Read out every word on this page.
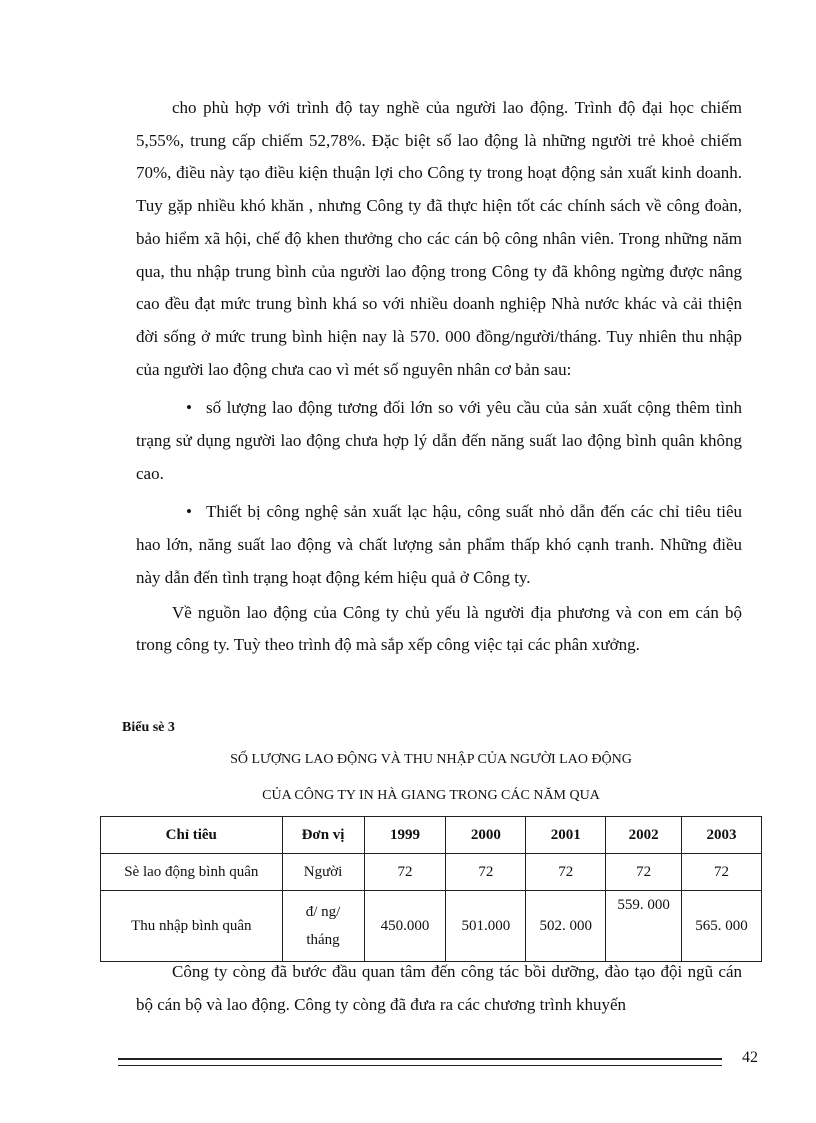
cho phù hợp với trình độ tay nghề của người lao động. Trình độ đại học chiếm 5,55%, trung cấp chiếm 52,78%. Đặc biệt số lao động là những người trẻ khoẻ chiếm 70%, điều này tạo điều kiện thuận lợi cho Công ty trong hoạt động sản xuất kinh doanh. Tuy gặp nhiều khó khăn , nhưng Công ty đã thực hiện tốt các chính sách về công đoàn, bảo hiểm xã hội, chế độ khen thưởng cho các cán bộ công nhân viên. Trong những năm qua, thu nhập trung bình của người lao động trong Công ty đã không ngừng được nâng cao đều đạt mức trung bình khá so với nhiều doanh nghiệp Nhà nước khác và cải thiện đời sống ở mức trung bình hiện nay là 570. 000 đồng/người/tháng. Tuy nhiên thu nhập của người lao động chưa cao vì mét số nguyên nhân cơ bản sau:

• số lượng lao động tương đối lớn so với yêu cầu của sản xuất cộng thêm tình trạng sử dụng người lao động chưa hợp lý dẫn đến năng suất lao động bình quân không cao.

• Thiết bị công nghệ sản xuất lạc hậu, công suất nhỏ dẫn đến các chỉ tiêu tiêu hao lớn, năng suất lao động và chất lượng sản phẩm thấp khó cạnh tranh. Những điều này dẫn đến tình trạng hoạt động kém hiệu quả ở Công ty.

Về nguồn lao động của Công ty chủ yếu là người địa phương và con em cán bộ trong công ty. Tuỳ theo trình độ mà sắp xếp công việc tại các phân xưởng.

Biểu sè 3
SỐ LƯỢNG LAO ĐỘNG VÀ THU NHẬP CỦA NGƯỜI LAO ĐỘNG
CỦA CÔNG TY IN HÀ GIANG TRONG CÁC NĂM QUA
Chỉ tiêu	Đơn vị	1999	2000	2001	2002	2003
Sè lao động bình quân	Người	72	72	72	72	72
Thu nhập bình quân	đ/ ng/ tháng	450.000	501.000	502. 000	559. 000	565. 000

Công ty còng đã bước đầu quan tâm đến công tác bồi dưỡng, đào tạo đội ngũ cán bộ cán bộ và lao động. Công ty còng đã đưa ra các chương trình khuyến

42
